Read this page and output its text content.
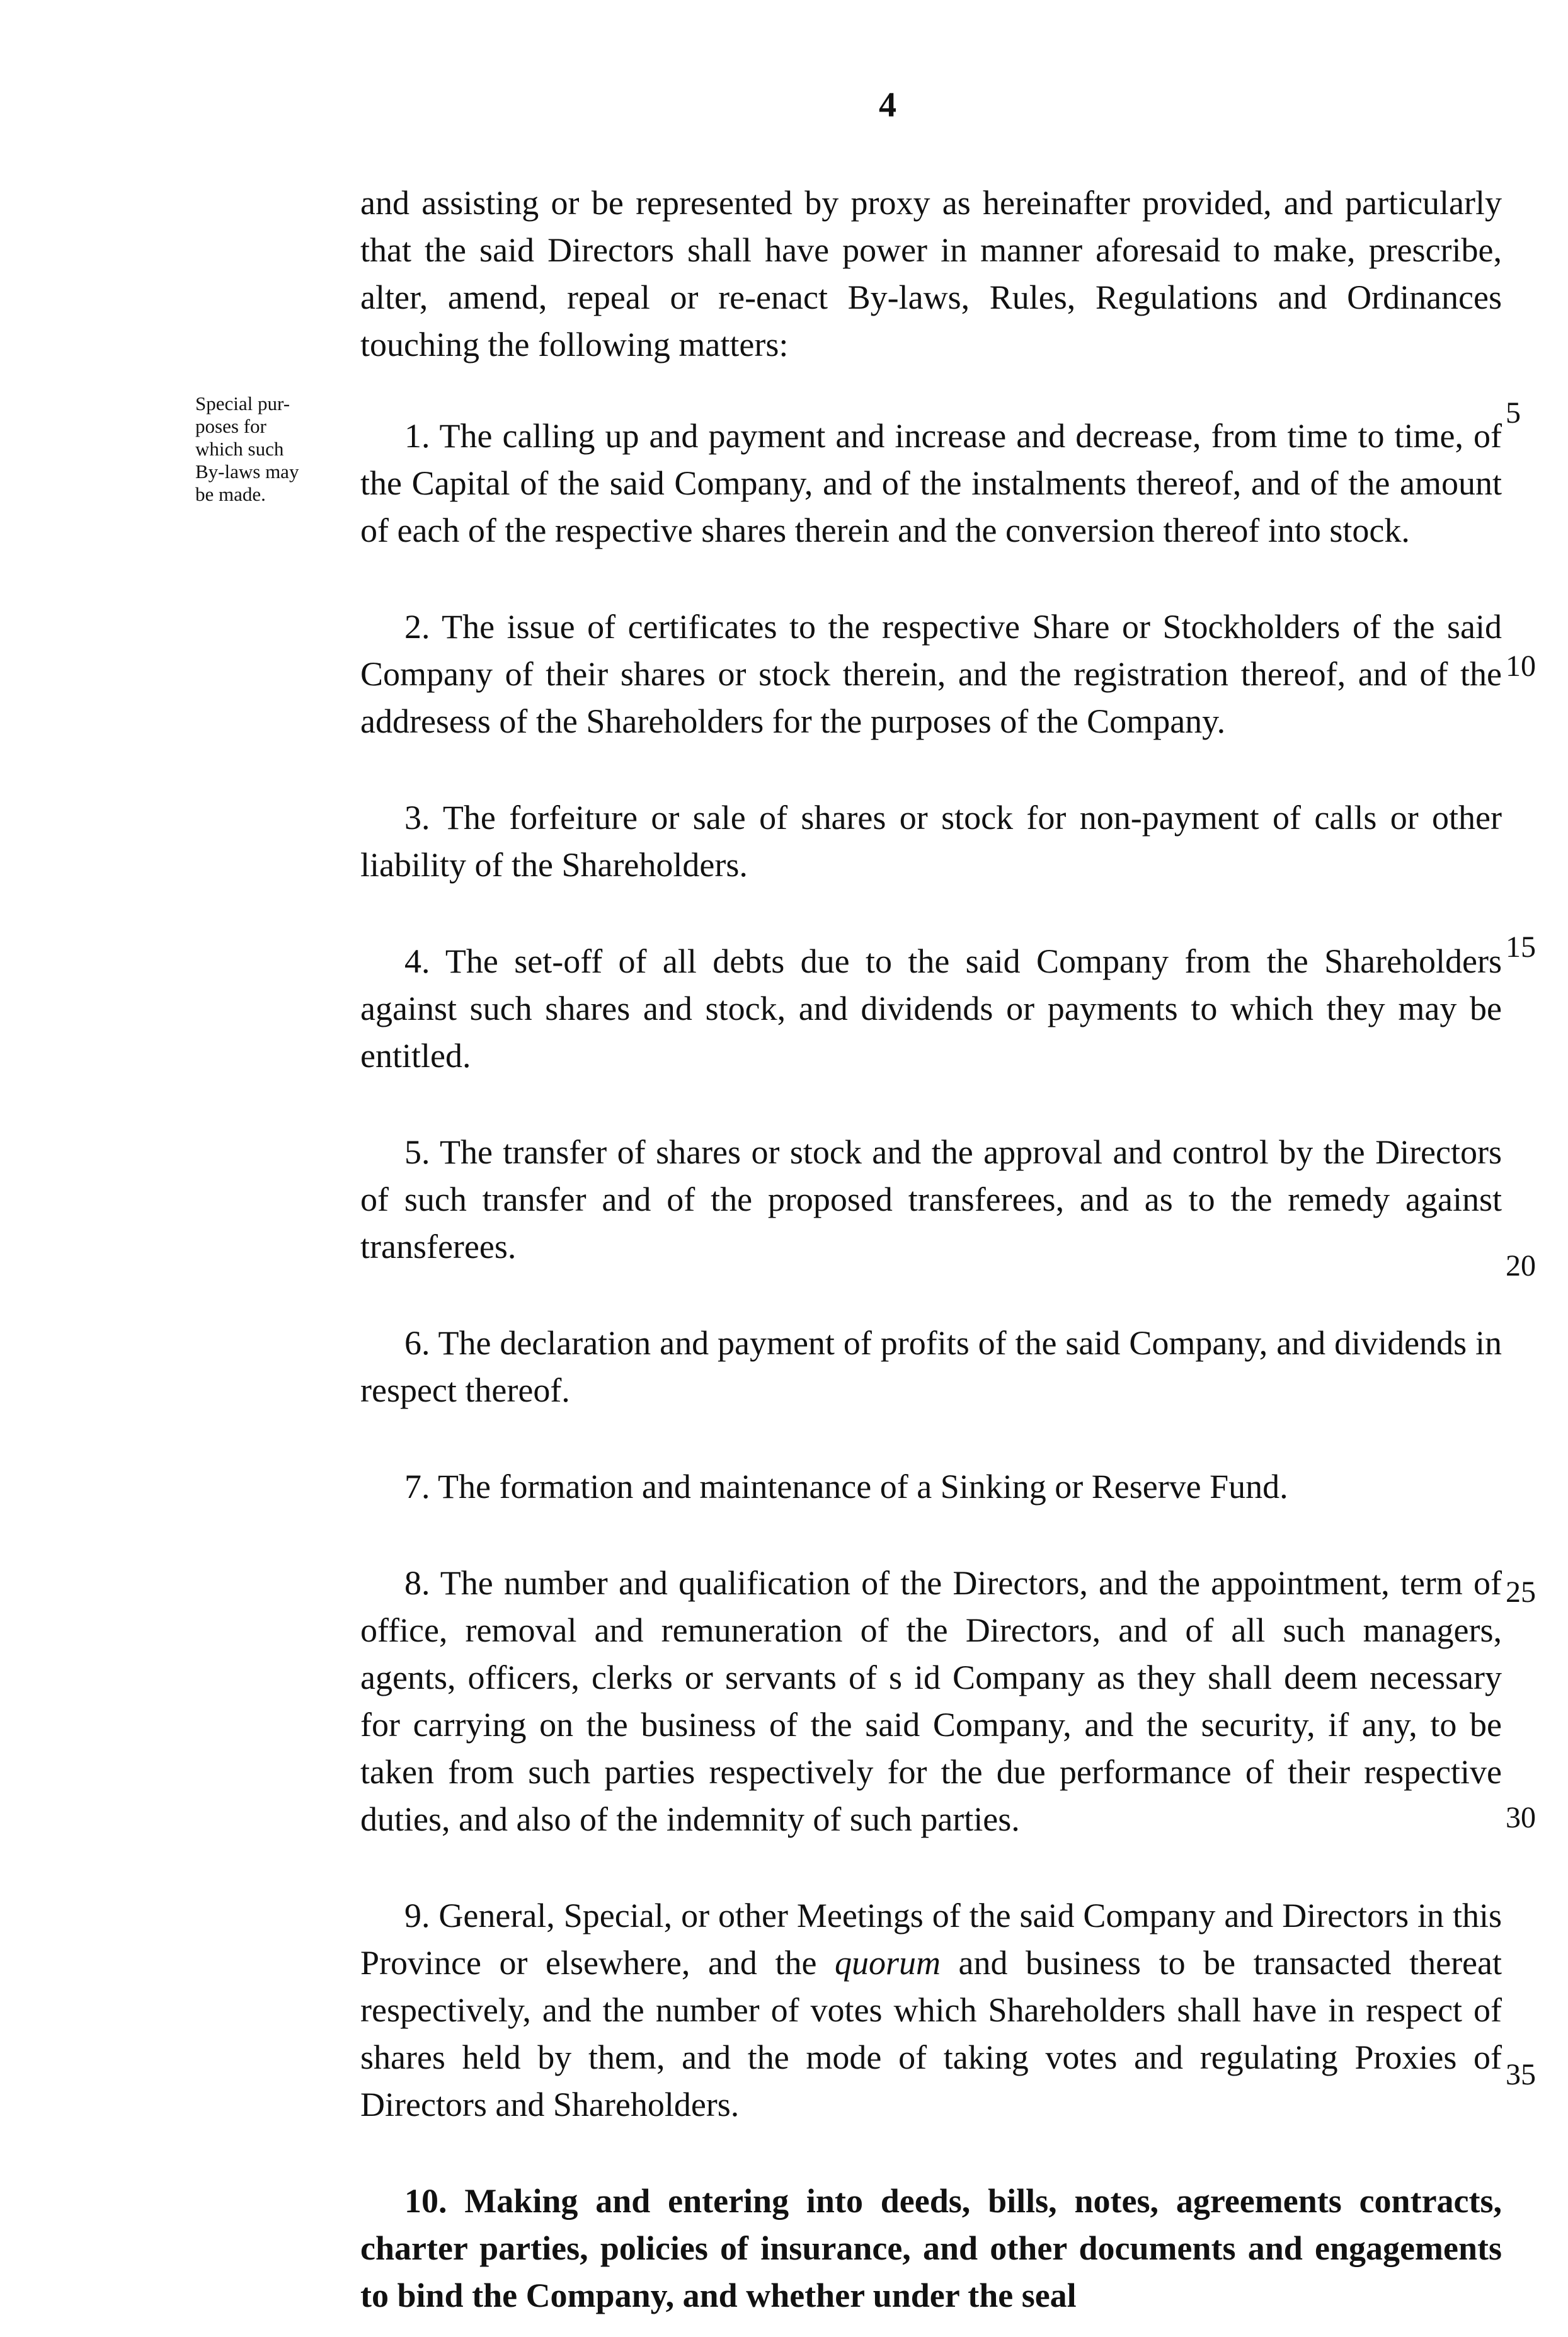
4
Special pur-
poses for
which such
By-laws may
be made.

and assisting or be represented by proxy as hereinafter provided, and particularly that the said Directors shall have power in manner aforesaid to make, prescribe, alter, amend, repeal or re-enact By-laws, Rules, Regulations and Ordinances touching the following matters:

1. The calling up and payment and increase and decrease, from time to time, of the Capital of the said Company, and of the instalments thereof, and of the amount of each of the respective shares therein and the conversion thereof into stock.

2. The issue of certificates to the respective Share or Stockholders of the said Company of their shares or stock therein, and the registration thereof, and of the addresess of the Shareholders for the purposes of the Company.

3. The forfeiture or sale of shares or stock for non-payment of calls or other liability of the Shareholders.

4. The set-off of all debts due to the said Company from the Shareholders against such shares and stock, and dividends or payments to which they may be entitled.

5. The transfer of shares or stock and the approval and control by the Directors of such transfer and of the proposed transferees, and as to the remedy against transferees.

6. The declaration and payment of profits of the said Company, and dividends in respect thereof.

7. The formation and maintenance of a Sinking or Reserve Fund.

8. The number and qualification of the Directors, and the appointment, term of office, removal and remuneration of the Directors, and of all such managers, agents, officers, clerks or servants of s id Company as they shall deem necessary for carrying on the business of the said Company, and the security, if any, to be taken from such parties respectively for the due performance of their respective duties, and also of the indemnity of such parties.

9. General, Special, or other Meetings of the said Company and Directors in this Province or elsewhere, and the quorum and business to be transacted thereat respectively, and the number of votes which Shareholders shall have in respect of shares held by them, and the mode of taking votes and regulating Proxies of Directors and Shareholders.

10. Making and entering into deeds, bills, notes, agreements contracts, charter parties, policies of insurance, and other documents and engagements to bind the Company, and whether under the seal

5
10
15
20
25
30
35
